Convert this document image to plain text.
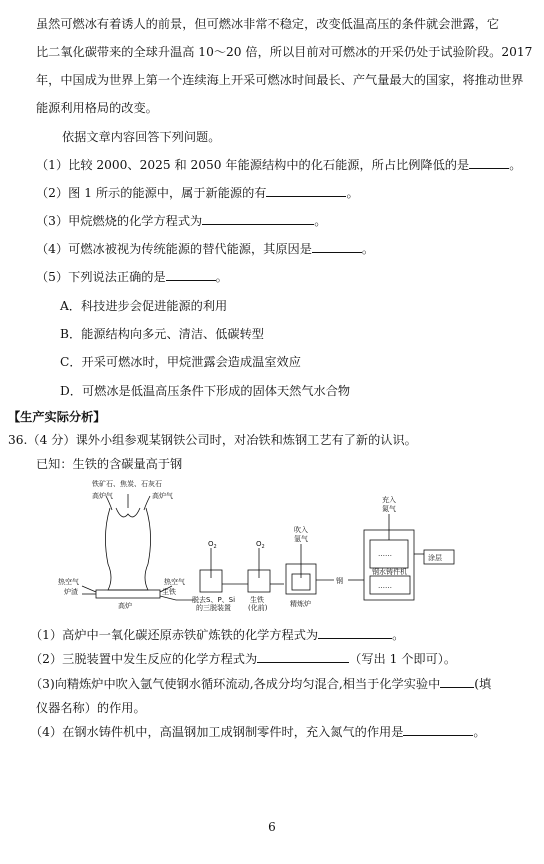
虽然可燃冰有着诱人的前景，但可燃冰非常不稳定，改变低温高压的条件就会泄露，它
比二氧化碳带来的全球升温高 10～20 倍，所以目前对可燃冰的开采仍处于试验阶段。2017
年，中国成为世界上第一个连续海上开采可燃冰时间最长、产气量最大的国家，将推动世界
能源利用格局的改变。
依据文章内容回答下列问题。
（1）比较 2000、2025 和 2050 年能源结构中的化石能源，所占比例降低的是	。
（2）图 1 所示的能源中，属于新能源的有	。
（3）甲烷燃烧的化学方程式为	。
（4）可燃冰被视为传统能源的替代能源，其原因是	。
（5）下列说法正确的是	。
A．科技进步会促进能源的利用
B．能源结构向多元、清洁、低碳转型
C．开采可燃冰时，甲烷泄露会造成温室效应
D．可燃冰是低温高压条件下形成的固体天然气水合物
【生产实际分析】
36.（4 分）课外小组参观某钢铁公司时，对冶铁和炼钢工艺有了新的认识。
已知：生铁的含碳量高于钢
铁矿石、焦炭、石灰石
高炉气	高炉气
热空气
炉渣
热空气
生铁
高炉
$O_2$	$O_2$
脱去S、P、Si
的三脱装置
生铁
(化前)
吹入
氩气
精炼炉
钢
充入
氮气
钢水铸件机
涂层
……
……
（1）高炉中一氧化碳还原赤铁矿炼铁的化学方程式为	。
（2）三脱装置中发生反应的化学方程式为	（写出 1 个即可）。
（3)向精炼炉中吹入氩气使钢水循环流动,各成分均匀混合,相当于化学实验中	(填
仪器名称）的作用。
（4）在钢水铸件机中，高温钢加工成钢制零件时，充入氮气的作用是	。
6
